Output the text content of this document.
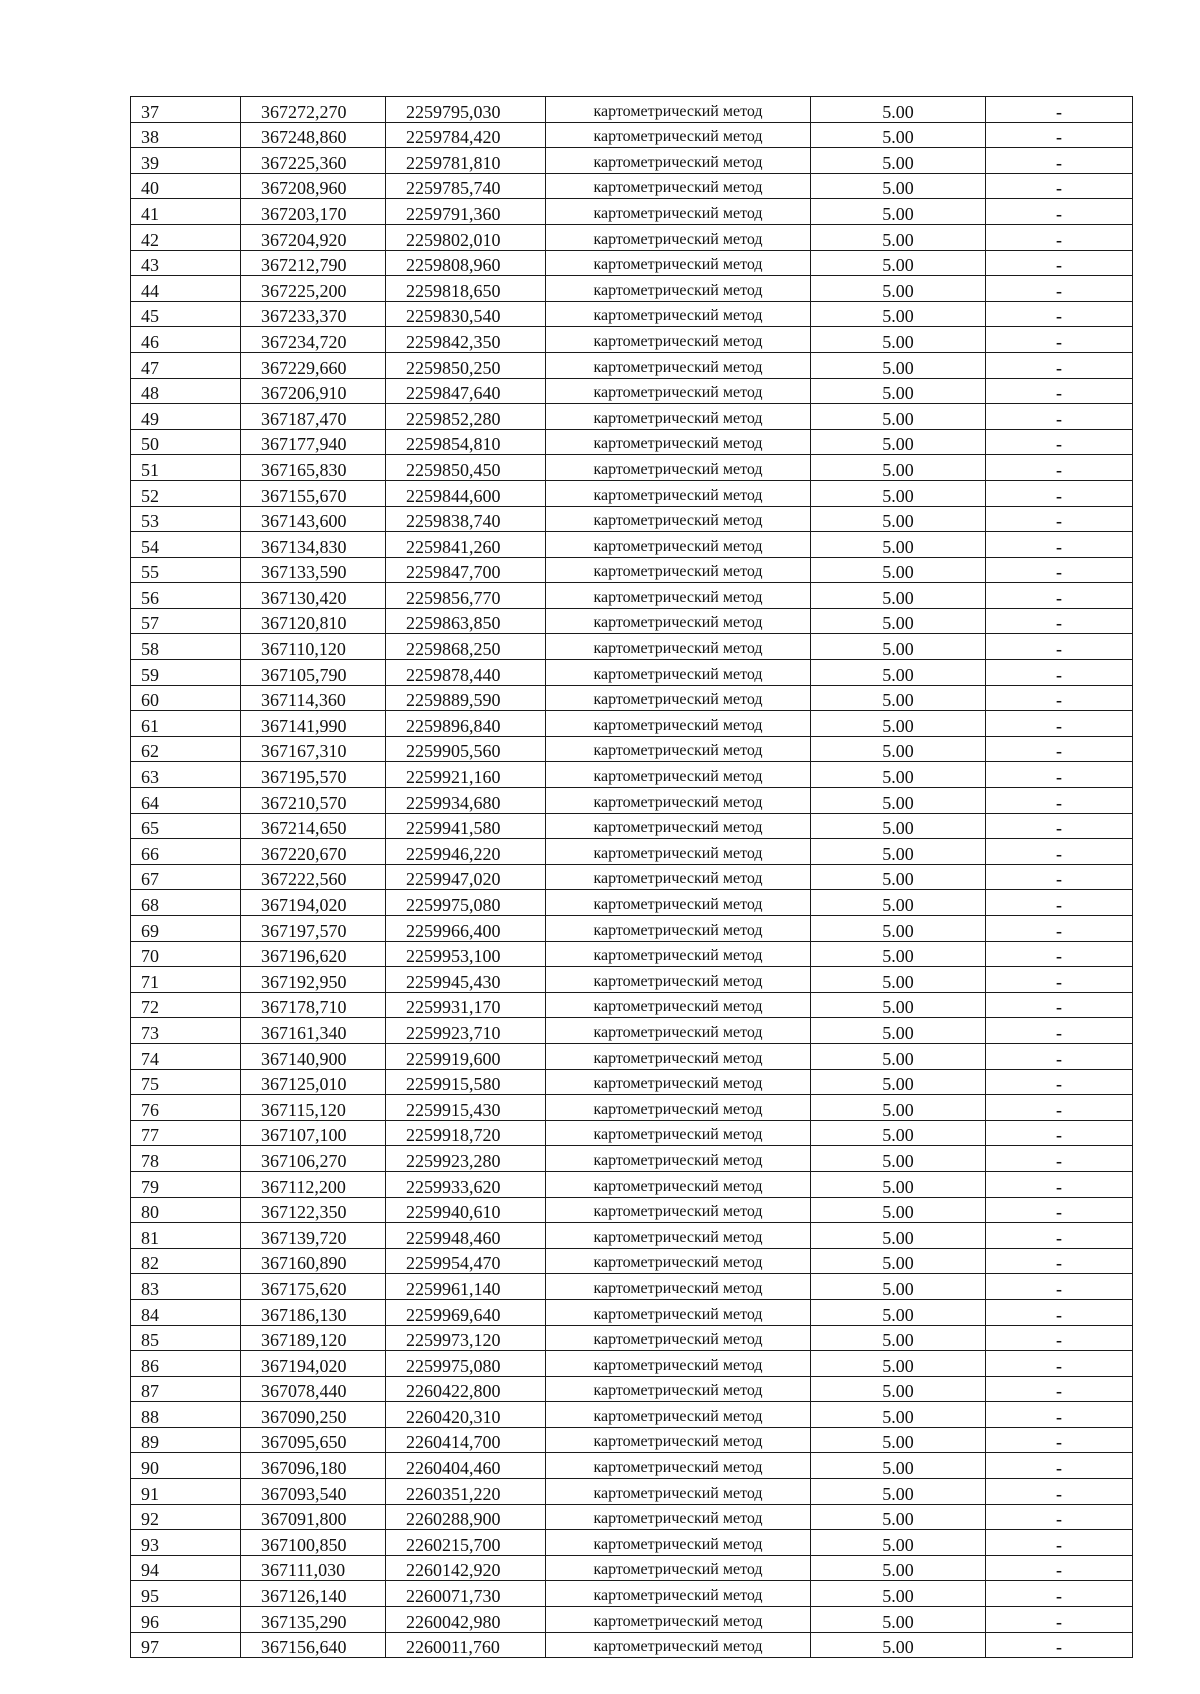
37	367272,270	2259795,030	картометрический метод	5.00	-
38	367248,860	2259784,420	картометрический метод	5.00	-
39	367225,360	2259781,810	картометрический метод	5.00	-
40	367208,960	2259785,740	картометрический метод	5.00	-
41	367203,170	2259791,360	картометрический метод	5.00	-
42	367204,920	2259802,010	картометрический метод	5.00	-
43	367212,790	2259808,960	картометрический метод	5.00	-
44	367225,200	2259818,650	картометрический метод	5.00	-
45	367233,370	2259830,540	картометрический метод	5.00	-
46	367234,720	2259842,350	картометрический метод	5.00	-
47	367229,660	2259850,250	картометрический метод	5.00	-
48	367206,910	2259847,640	картометрический метод	5.00	-
49	367187,470	2259852,280	картометрический метод	5.00	-
50	367177,940	2259854,810	картометрический метод	5.00	-
51	367165,830	2259850,450	картометрический метод	5.00	-
52	367155,670	2259844,600	картометрический метод	5.00	-
53	367143,600	2259838,740	картометрический метод	5.00	-
54	367134,830	2259841,260	картометрический метод	5.00	-
55	367133,590	2259847,700	картометрический метод	5.00	-
56	367130,420	2259856,770	картометрический метод	5.00	-
57	367120,810	2259863,850	картометрический метод	5.00	-
58	367110,120	2259868,250	картометрический метод	5.00	-
59	367105,790	2259878,440	картометрический метод	5.00	-
60	367114,360	2259889,590	картометрический метод	5.00	-
61	367141,990	2259896,840	картометрический метод	5.00	-
62	367167,310	2259905,560	картометрический метод	5.00	-
63	367195,570	2259921,160	картометрический метод	5.00	-
64	367210,570	2259934,680	картометрический метод	5.00	-
65	367214,650	2259941,580	картометрический метод	5.00	-
66	367220,670	2259946,220	картометрический метод	5.00	-
67	367222,560	2259947,020	картометрический метод	5.00	-
68	367194,020	2259975,080	картометрический метод	5.00	-
69	367197,570	2259966,400	картометрический метод	5.00	-
70	367196,620	2259953,100	картометрический метод	5.00	-
71	367192,950	2259945,430	картометрический метод	5.00	-
72	367178,710	2259931,170	картометрический метод	5.00	-
73	367161,340	2259923,710	картометрический метод	5.00	-
74	367140,900	2259919,600	картометрический метод	5.00	-
75	367125,010	2259915,580	картометрический метод	5.00	-
76	367115,120	2259915,430	картометрический метод	5.00	-
77	367107,100	2259918,720	картометрический метод	5.00	-
78	367106,270	2259923,280	картометрический метод	5.00	-
79	367112,200	2259933,620	картометрический метод	5.00	-
80	367122,350	2259940,610	картометрический метод	5.00	-
81	367139,720	2259948,460	картометрический метод	5.00	-
82	367160,890	2259954,470	картометрический метод	5.00	-
83	367175,620	2259961,140	картометрический метод	5.00	-
84	367186,130	2259969,640	картометрический метод	5.00	-
85	367189,120	2259973,120	картометрический метод	5.00	-
86	367194,020	2259975,080	картометрический метод	5.00	-
87	367078,440	2260422,800	картометрический метод	5.00	-
88	367090,250	2260420,310	картометрический метод	5.00	-
89	367095,650	2260414,700	картометрический метод	5.00	-
90	367096,180	2260404,460	картометрический метод	5.00	-
91	367093,540	2260351,220	картометрический метод	5.00	-
92	367091,800	2260288,900	картометрический метод	5.00	-
93	367100,850	2260215,700	картометрический метод	5.00	-
94	367111,030	2260142,920	картометрический метод	5.00	-
95	367126,140	2260071,730	картометрический метод	5.00	-
96	367135,290	2260042,980	картометрический метод	5.00	-
97	367156,640	2260011,760	картометрический метод	5.00	-
